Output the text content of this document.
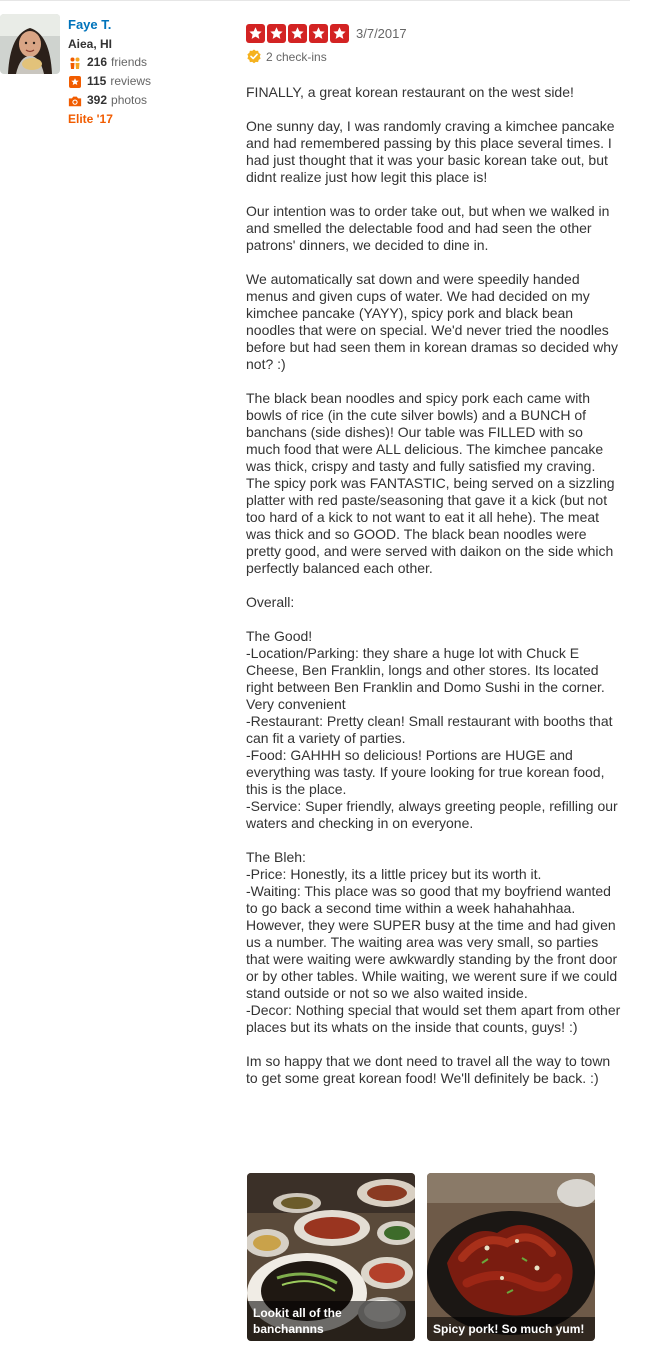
Faye T.
Aiea, HI
216 friends
115 reviews
392 photos
Elite '17
3/7/2017
2 check-ins

FINALLY, a great korean restaurant on the west side!

One sunny day, I was randomly craving a kimchee pancake and had remembered passing by this place several times. I had just thought that it was your basic korean take out, but didnt realize just how legit this place is!

Our intention was to order take out, but when we walked in and smelled the delectable food and had seen the other patrons' dinners, we decided to dine in.

We automatically sat down and were speedily handed menus and given cups of water. We had decided on my kimchee pancake (YAYY), spicy pork and black bean noodles that were on special. We'd never tried the noodles before but had seen them in korean dramas so decided why not? :)

The black bean noodles and spicy pork each came with bowls of rice (in the cute silver bowls) and a BUNCH of banchans (side dishes)! Our table was FILLED with so much food that were ALL delicious. The kimchee pancake was thick, crispy and tasty and fully satisfied my craving. The spicy pork was FANTASTIC, being served on a sizzling platter with red paste/seasoning that gave it a kick (but not too hard of a kick to not want to eat it all hehe). The meat was thick and so GOOD. The black bean noodles were pretty good, and were served with daikon on the side which perfectly balanced each other.

Overall:

The Good!
-Location/Parking: they share a huge lot with Chuck E Cheese, Ben Franklin, longs and other stores. Its located right between Ben Franklin and Domo Sushi in the corner. Very convenient
-Restaurant: Pretty clean! Small restaurant with booths that can fit a variety of parties.
-Food: GAHHH so delicious! Portions are HUGE and everything was tasty. If youre looking for true korean food, this is the place.
-Service: Super friendly, always greeting people, refilling our waters and checking in on everyone.

The Bleh:
-Price: Honestly, its a little pricey but its worth it.
-Waiting: This place was so good that my boyfriend wanted to go back a second time within a week hahahahhaa. However, they were SUPER busy at the time and had given us a number. The waiting area was very small, so parties that were waiting were awkwardly standing by the front door or by other tables. While waiting, we werent sure if we could stand outside or not so we also waited inside.
-Decor: Nothing special that would set them apart from other places but its whats on the inside that counts, guys! :)

Im so happy that we dont need to travel all the way to town to get some great korean food! We'll definitely be back. :)

Lookit all of the banchannns	Spicy pork! So much yum!
